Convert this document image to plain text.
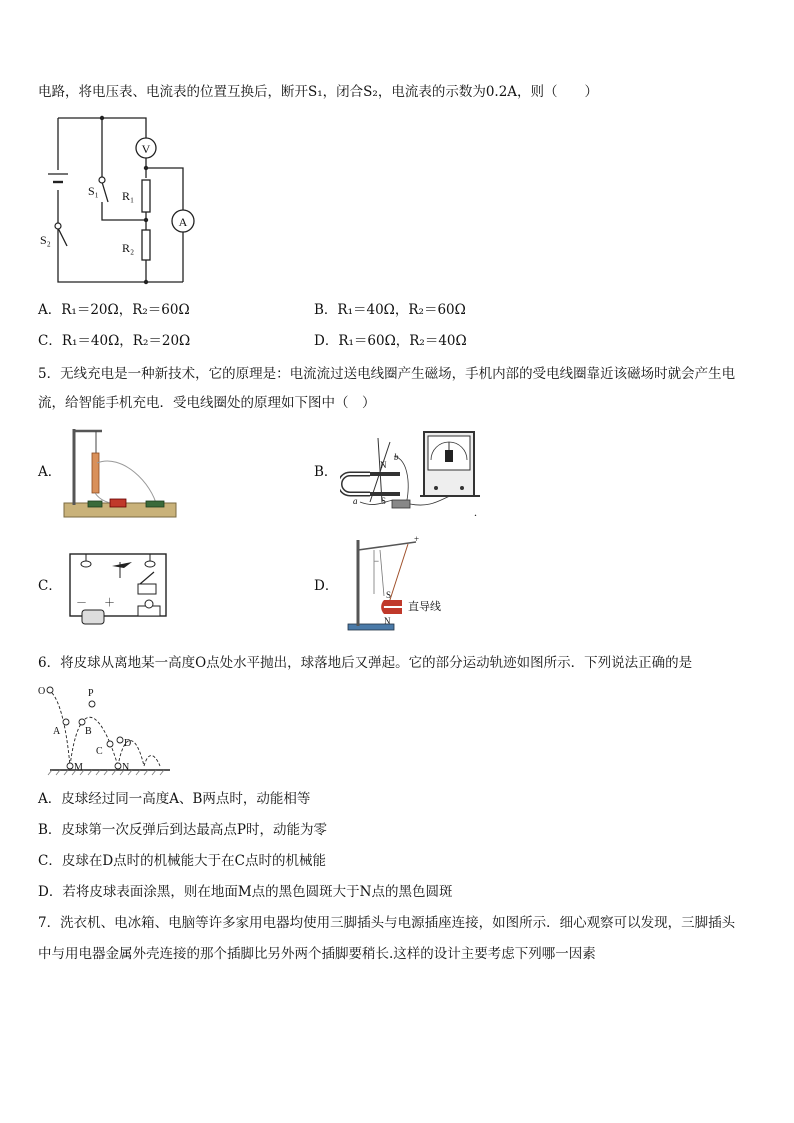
电路，将电压表、电流表的位置互换后，断开S₁，闭合S₂，电流表的示数为0.2A，则（　　）
V
A
S₁
S₂
R₁
R₂
A．R₁＝20Ω，R₂＝60Ω	B．R₁＝40Ω，R₂＝60Ω
C．R₁＝40Ω，R₂＝20Ω	D．R₁＝60Ω，R₂＝40Ω
5．无线充电是一种新技术，它的原理是：电流流过送电线圈产生磁场，手机内部的受电线圈靠近该磁场时就会产生电
流，给智能手机充电．受电线圈处的原理如下图中（　）
A．	B．	N
S
a
b
.
C．
－ ＋
D．
S
N
直导线
+
−
6．将皮球从离地某一高度O点处水平抛出，球落地后又弹起。它的部分运动轨迹如图所示．下列说法正确的是
O	P
A B
C
D
M	N
A．皮球经过同一高度A、B两点时，动能相等
B．皮球第一次反弹后到达最高点P时，动能为零
C．皮球在D点时的机械能大于在C点时的机械能
D．若将皮球表面涂黑，则在地面M点的黑色圆斑大于N点的黑色圆斑
7．洗衣机、电冰箱、电脑等许多家用电器均使用三脚插头与电源插座连接，如图所示．细心观察可以发现，三脚插头
中与用电器金属外壳连接的那个插脚比另外两个插脚要稍长.这样的设计主要考虑下列哪一因素
